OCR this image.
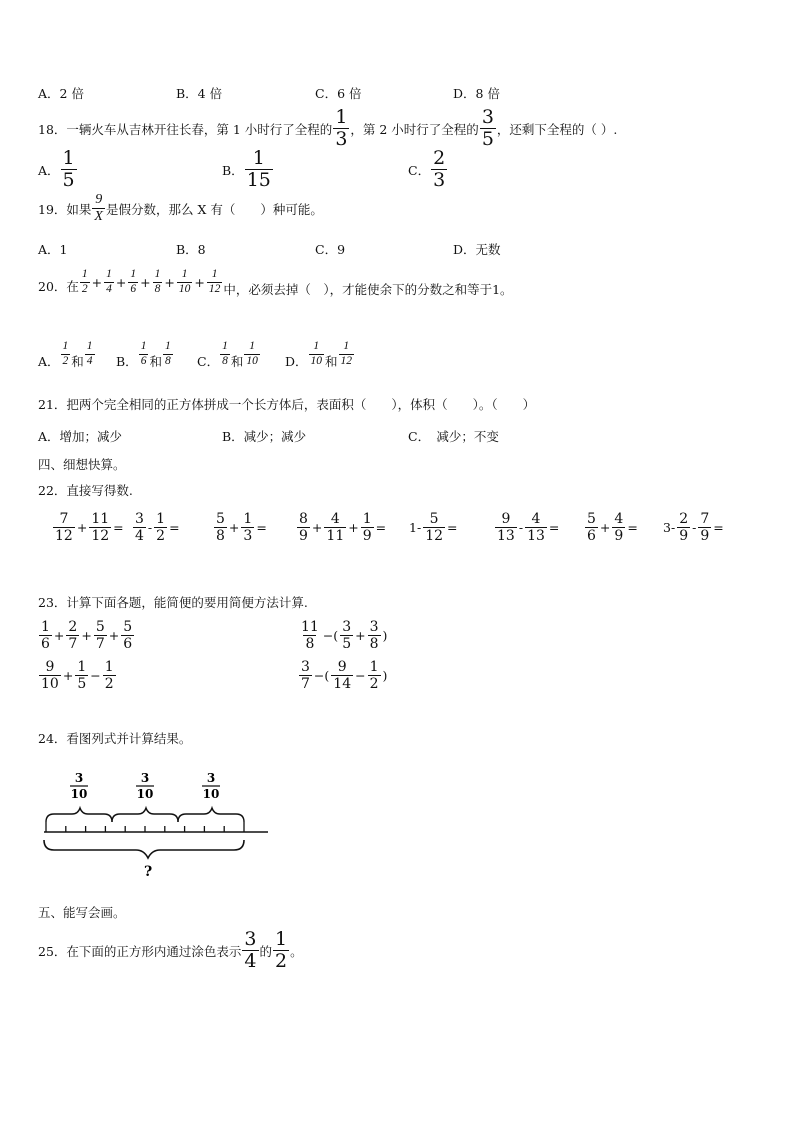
A．2 倍	B．4 倍	C．6 倍	D．8 倍
18．一辆火车从吉林开往长春，第 1 小时行了全程的 $\frac{1}{3}$ ，第 2 小时行了全程的 $\frac{3}{5}$ ，还剩下全程的（ ）.
A． $\frac{1}{5}$	B． $\frac{1}{15}$	C． $\frac{2}{3}$
19．如果 $\frac{9}{X}$ 是假分数，那么 X 有（　　）种可能。
A．1	B．8	C．9	D．无数
20．在 $\frac{1}{2} + \frac{1}{4} + \frac{1}{6} + \frac{1}{8} + \frac{1}{10} + \frac{1}{12}$ 中，必须去掉（　），才能使余下的分数之和等于1。
A． $\frac{1}{2}$ 和 $\frac{1}{4}$ B． $\frac{1}{6}$ 和 $\frac{1}{8}$ C． $\frac{1}{8}$ 和 $\frac{1}{10}$ D． $\frac{1}{10}$ 和 $\frac{1}{12}$
21．把两个完全相同的正方体拼成一个长方体后，表面积（　　），体积（　　）。（　　）
A．增加；减少	B．减少；减少	C．　减少；不变
四、细想快算。
22．直接写得数.
$\frac{7}{12} + \frac{11}{12} = \frac{3}{4} - \frac{1}{2} = \frac{5}{8} + \frac{1}{3} = \frac{8}{9} + \frac{4}{11} + \frac{1}{9} = 1- \frac{5}{12}$ =	$\frac{9}{13} - \frac{4}{13} = \frac{5}{6} + \frac{4}{9} = 3- \frac{2}{9} - \frac{7}{9}$ =
23．计算下面各题，能简便的要用简便方法计算.
$\frac{1}{6} + \frac{2}{7} + \frac{5}{7} + \frac{5}{6}$	$\frac{11}{8}$ −( $\frac{3}{5} + \frac{3}{8}$ )
$\frac{9}{10} + \frac{1}{5} - \frac{1}{2}$	$\frac{3}{7}$ −( $\frac{9}{14} - \frac{1}{2}$ )
24．看图列式并计算结果。
3
10
3
10
3
10
?
五、能写会画。
25．在下面的正方形内通过涂色表示 $\frac{3}{4}$ 的 $\frac{1}{2}$ 。
